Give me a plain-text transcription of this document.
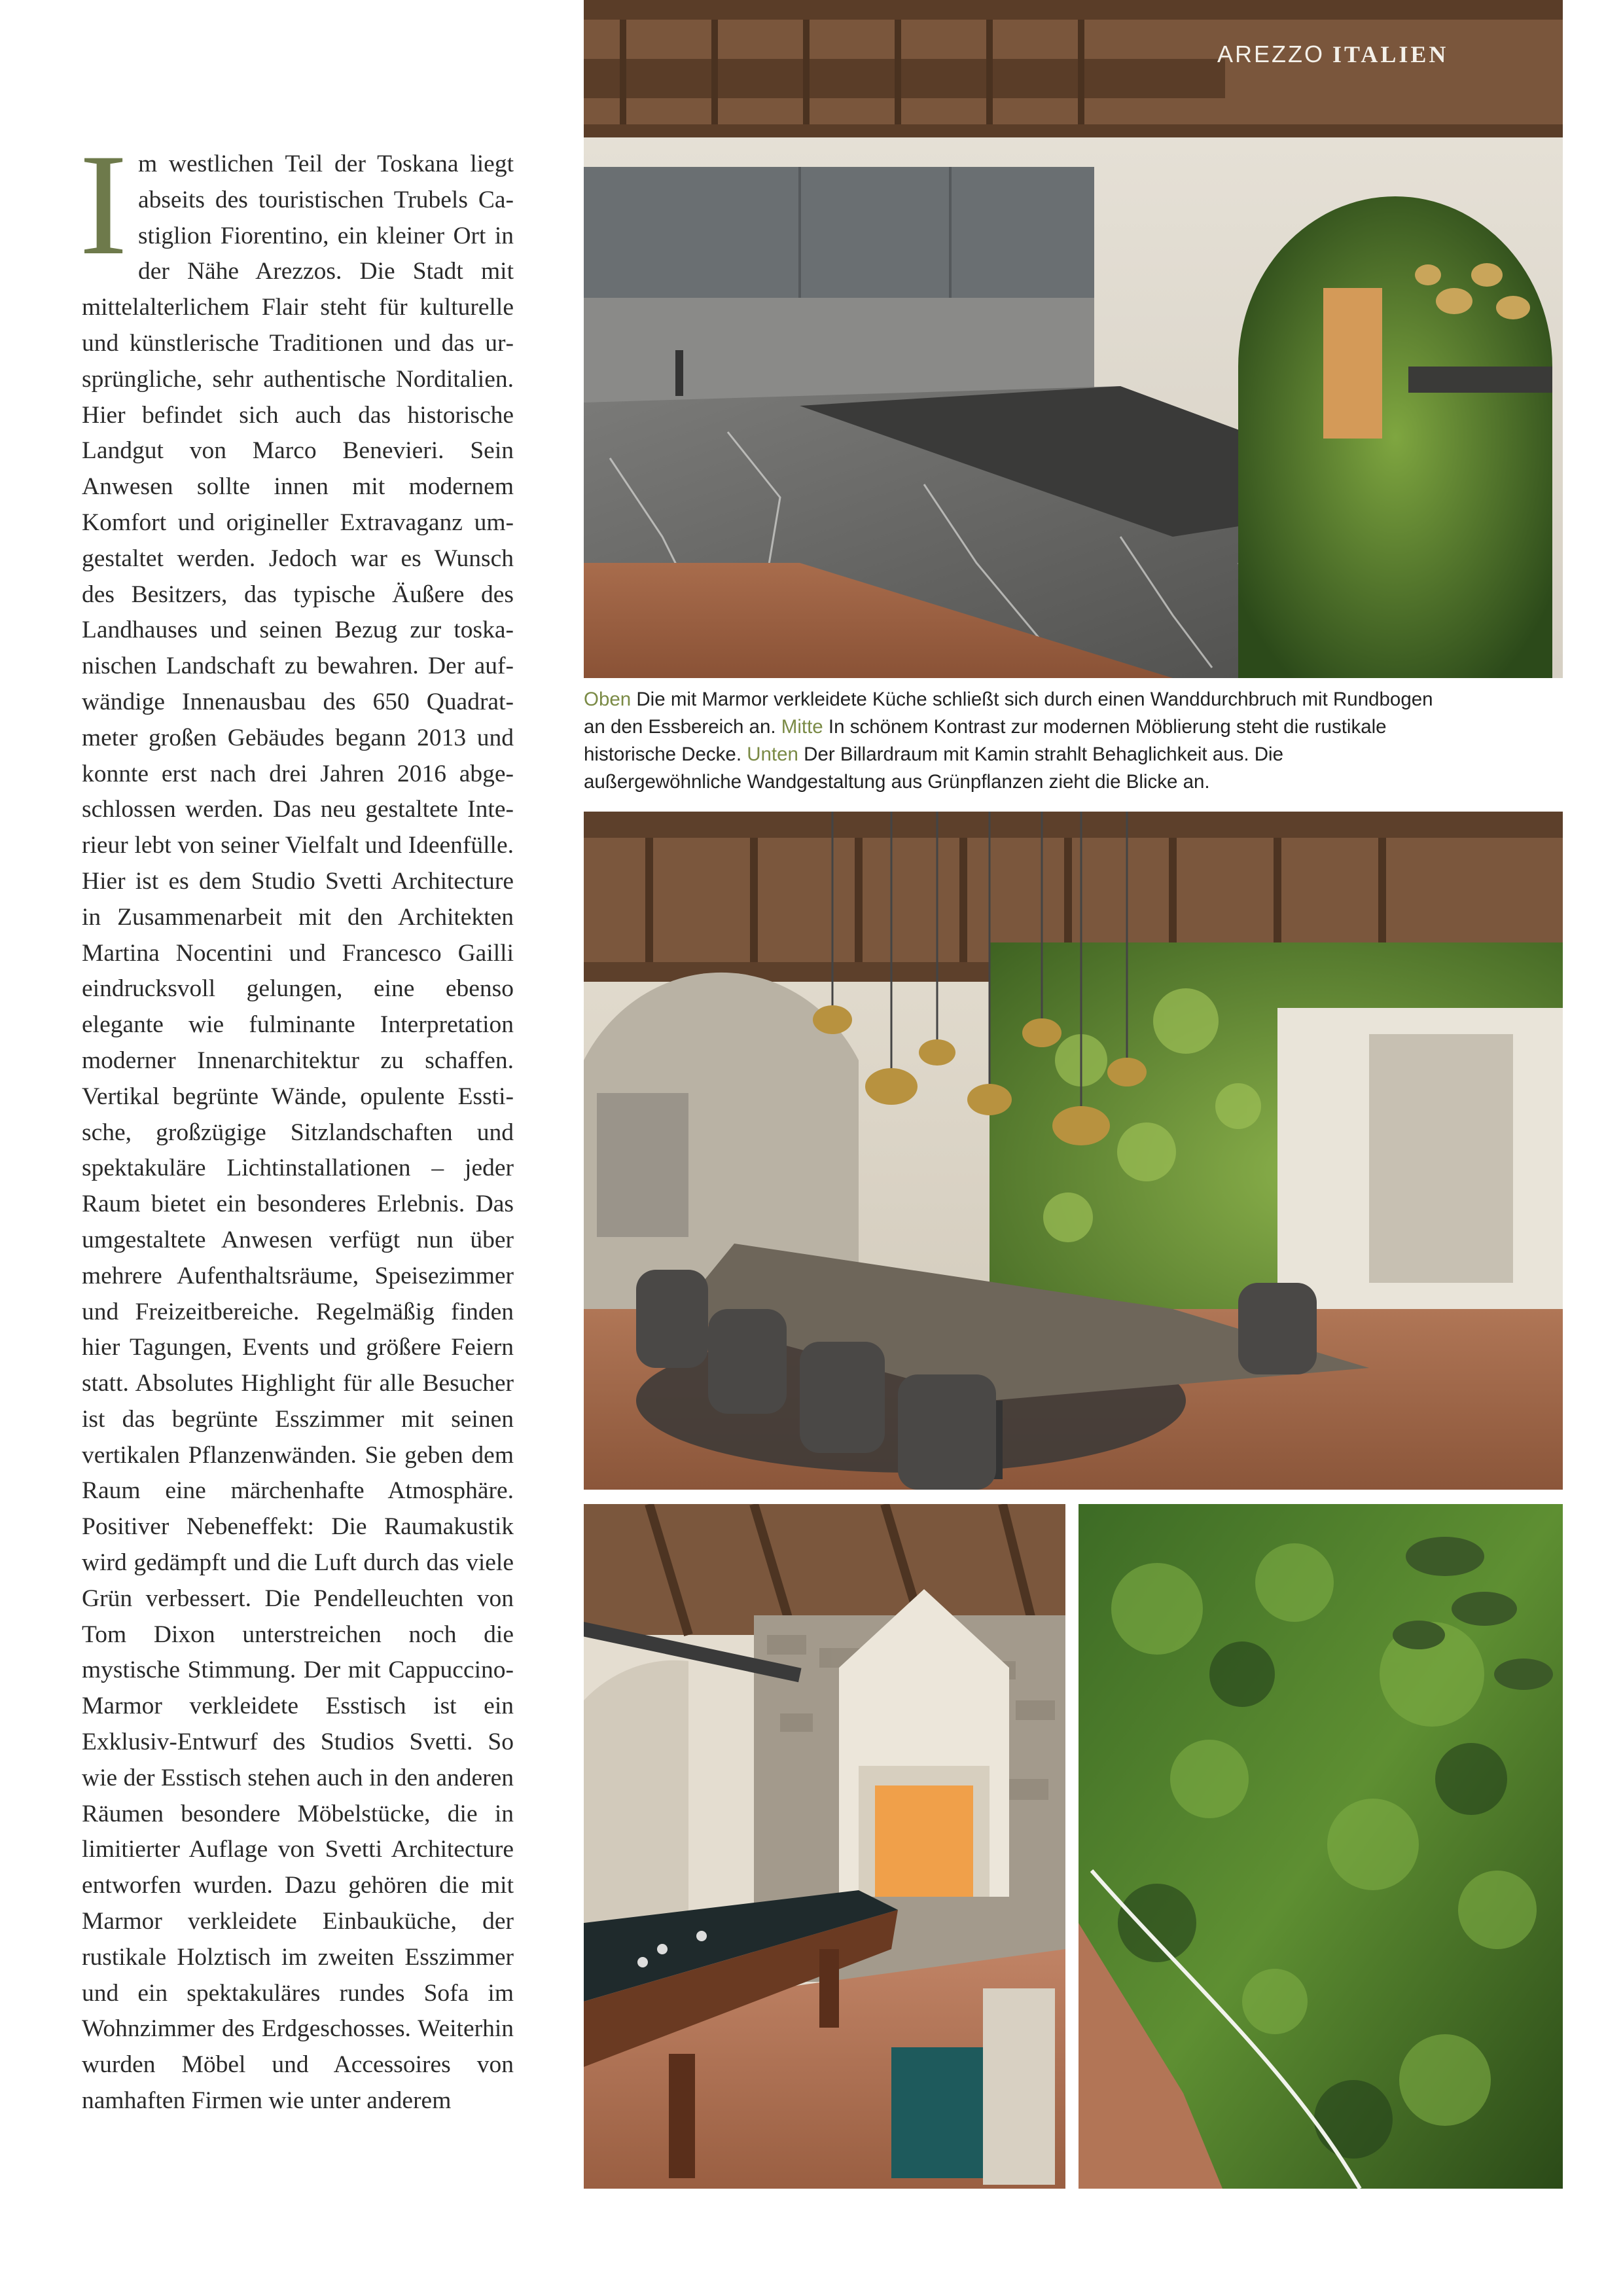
AREZZO ITALIEN
Im westlichen Teil der Toskana liegt abseits des touristischen Trubels Castiglion Fiorentino, ein kleiner Ort in der Nähe Arezzos. Die Stadt mit mittelalterlichem Flair steht für kulturelle und künstlerische Traditionen und das ursprüngliche, sehr authentische Norditalien. Hier befindet sich auch das historische Landgut von Marco Benevieri. Sein Anwesen sollte innen mit modernem Komfort und origineller Extravaganz umgestaltet werden. Jedoch war es Wunsch des Besitzers, das typische Äußere des Landhauses und seinen Bezug zur toskanischen Landschaft zu bewahren. Der aufwändige Innenausbau des 650 Quadratmeter großen Gebäudes begann 2013 und konnte erst nach drei Jahren 2016 abgeschlossen werden. Das neu gestaltete Interieur lebt von seiner Vielfalt und Ideenfülle. Hier ist es dem Studio Svetti Architecture in Zusammenarbeit mit den Architekten Martina Nocentini und Francesco Gailli eindrucksvoll gelungen, eine ebenso elegante wie fulminante Interpretation moderner Innenarchitektur zu schaffen. Vertikal begrünte Wände, opulente Esstische, großzügige Sitzlandschaften und spektakuläre Lichtinstallationen – jeder Raum bietet ein besonderes Erlebnis. Das umgestaltete Anwesen verfügt nun über mehrere Aufenthaltsräume, Speisezimmer und Freizeitbereiche. Regelmäßig finden hier Tagungen, Events und größere Feiern statt. Absolutes Highlight für alle Besucher ist das begrünte Esszimmer mit seinen vertikalen Pflanzenwänden. Sie geben dem Raum eine märchenhafte Atmosphäre. Positiver Nebeneffekt: Die Raumakustik wird gedämpft und die Luft durch das viele Grün verbessert. Die Pendelleuchten von Tom Dixon unterstreichen noch die mystische Stimmung. Der mit Cappuccino-Marmor verkleidete Esstisch ist ein Exklusiv-Entwurf des Studios Svetti. So wie der Esstisch stehen auch in den anderen Räumen besondere Möbelstücke, die in limitierter Auflage von Svetti Architecture entworfen wurden. Dazu gehören die mit Marmor verkleidete Einbauküche, der rustikale Holztisch im zweiten Esszimmer und ein spektakuläres rundes Sofa im Wohnzimmer des Erdgeschosses. Weiterhin wurden Möbel und Accessoires von namhaften Firmen wie unter anderem
Oben Die mit Marmor verkleidete Küche schließt sich durch einen Wanddurchbruch mit Rundbogen an den Essbereich an. Mitte In schönem Kontrast zur modernen Möblierung steht die rustikale historische Decke. Unten Der Billardraum mit Kamin strahlt Behaglichkeit aus. Die außergewöhnliche Wandgestaltung aus Grünpflanzen zieht die Blicke an.
